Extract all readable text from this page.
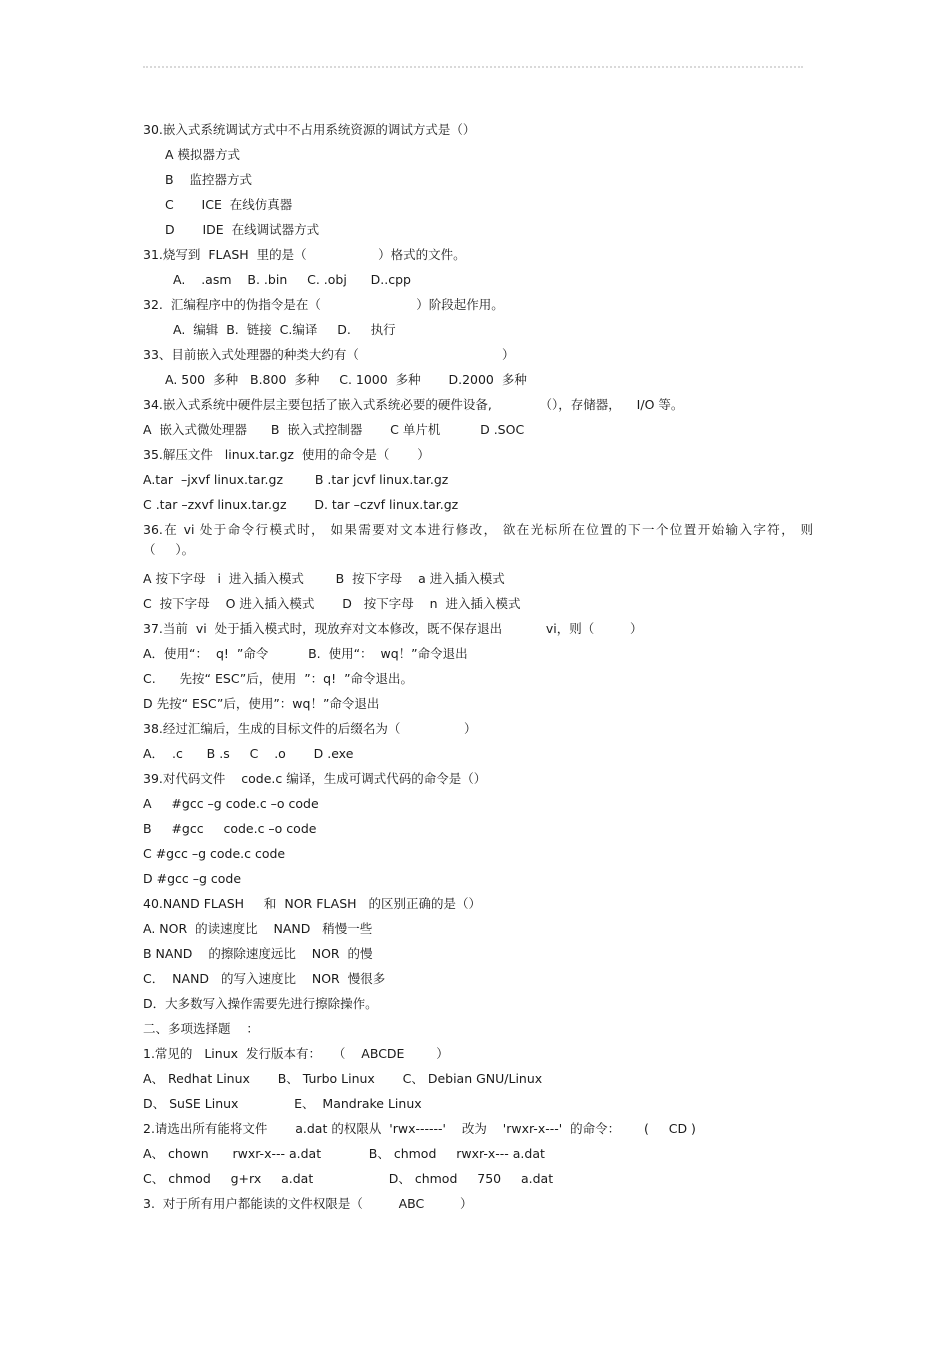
30.嵌入式系统调试方式中不占用系统资源的调试方式是（）
A 模拟器方式
B    监控器方式
C       ICE  在线仿真器
D       IDE  在线调试器方式
31.烧写到  FLASH  里的是（                  ）格式的文件。
A.    .asm    B. .bin     C. .obj      D..cpp
32.  汇编程序中的伪指令是在（                        ）阶段起作用。
A.  编辑  B.  链接  C.编译     D.     执行
33、目前嵌入式处理器的种类大约有（                                    ）
A. 500  多种   B.800  多种     C. 1000  多种       D.2000  多种
34.嵌入式系统中硬件层主要包括了嵌入式系统必要的硬件设备,            （），存储器，    I/O 等。
A  嵌入式微处理器      B  嵌入式控制器       C 单片机          D .SOC
35.解压文件   linux.tar.gz  使用的命令是（       ）
A.tar  –jxvf linux.tar.gz        B .tar jcvf linux.tar.gz
C .tar –zxvf linux.tar.gz       D. tar –czvf linux.tar.gz
36.在 vi 处于命令行模式时， 如果需要对文本进行修改， 欲在光标所在位置的下一个位置开始输入字符， 则
（     ）。
A 按下字母   i  进入插入模式        B  按下字母    a 进入插入模式
C  按下字母    O 进入插入模式       D   按下字母    n  进入插入模式
37.当前  vi  处于插入模式时，现放弃对文本修改，既不保存退出           vi，则（         ）
A．使用“：  q!  ”命令          B.  使用“：  wq！”命令退出
C.      先按“ ESC”后，使用  ”：q!  ”命令退出。
D 先按“ ESC”后，使用”：wq！”命令退出
38.经过汇编后，生成的目标文件的后缀名为（                ）
A．  .c      B .s     C    .o       D .exe
39.对代码文件    code.c 编译，生成可调式代码的命令是（）
A     #gcc –g code.c –o code
B     #gcc     code.c –o code
C #gcc –g code.c code
D #gcc –g code
40.NAND FLASH     和  NOR FLASH   的区别正确的是（）
A. NOR  的读速度比    NAND   稍慢一些
B NAND    的擦除速度远比    NOR  的慢
C．  NAND   的写入速度比    NOR  慢很多
D．大多数写入操作需要先进行擦除操作。
二、多项选择题    ：
1.常见的   Linux  发行版本有：   （    ABCDE        ）
A、 Redhat Linux       B、 Turbo Linux       C、 Debian GNU/Linux
D、 SuSE Linux              E、  Mandrake Linux
2.请选出所有能将文件       a.dat 的权限从  'rwx------'    改为    'rwxr-x---'  的命令：      (     CD )
A、 chown      rwxr-x--- a.dat            B、 chmod     rwxr-x--- a.dat
C、 chmod     g+rx     a.dat                   D、 chmod     750     a.dat
3.  对于所有用户都能读的文件权限是（         ABC         ）
